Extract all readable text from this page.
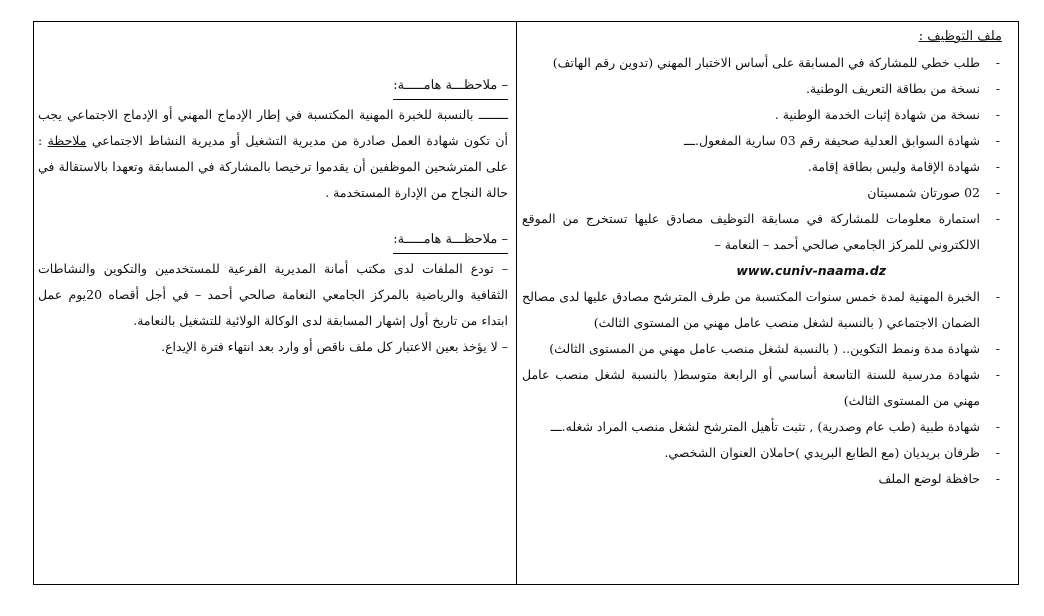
ملف التوظيف :
- طلب خطي للمشاركة في المسابقة على أساس الاختبار المهني (تدوين رقم الهاتف)
- نسخة من بطاقة التعريف الوطنية.
- نسخة من شهادة إثبات الخدمة الوطنية .
- شهادة السوابق العدلية صحيفة رقم 03 سارية المفعول.ـــ
- شهادة الإقامة وليس بطاقة إقامة.
- 02 صورتان شمسيتان
- استمارة معلومات للمشاركة في مسابقة التوظيف مصادق عليها تستخرج من الموقع الالكتروني للمركز الجامعي صالحي أحمد – النعامة –
www.cuniv-naama.dz
- الخبرة المهنية لمدة خمس سنوات المكتسبة من طرف المترشح مصادق عليها لدى مصالح الضمان الاجتماعي ( بالنسبة لشغل منصب عامل مهني من المستوى الثالث)
- شهادة مدة ونمط التكوين.. ( بالنسبة لشغل منصب عامل مهني من المستوى الثالث)
- شهادة مدرسية للسنة التاسعة أساسي أو الرابعة متوسط( بالنسبة لشغل منصب عامل مهني من المستوى الثالث)
- شهادة طبية (طب عام وصدرية) , تثبت تأهيل المترشح لشغل منصب المراد شغله.ـــ
- ظرفان بريديان (مع الطابع البريدي )حاملان العنوان الشخصي.
- حافظة لوضع الملف
– ملاحظـــة هامـــــة:
ــــــــ بالنسبة للخبرة المهنية المكتسبة في إطار الإدماج المهني أو الإدماج الاجتماعي يجب أن تكون شهادة العمل صادرة من مديرية التشغيل أو مديرية النشاط الاجتماعي ملاحظة : على المترشحين الموظفين أن يقدموا ترخيصا بالمشاركة في المسابقة وتعهدا بالاستقالة في حالة النجاح من الإدارة المستخدمة .
– ملاحظـــة هامـــــة:
– تودع الملفات لدى مكتب أمانة المديرية الفرعية للمستخدمين والتكوين والنشاطات الثقافية والرياضية بالمركز الجامعي النعامة صالحي أحمد – في أجل أقصاه 20يوم عمل ابتداء من تاريخ أول إشهار المسابقة لدى الوكالة الولائية للتشغيل بالنعامة.
– لا يؤخذ بعين الاعتبار كل ملف ناقص أو وارد بعد انتهاء فترة الإيداع.
